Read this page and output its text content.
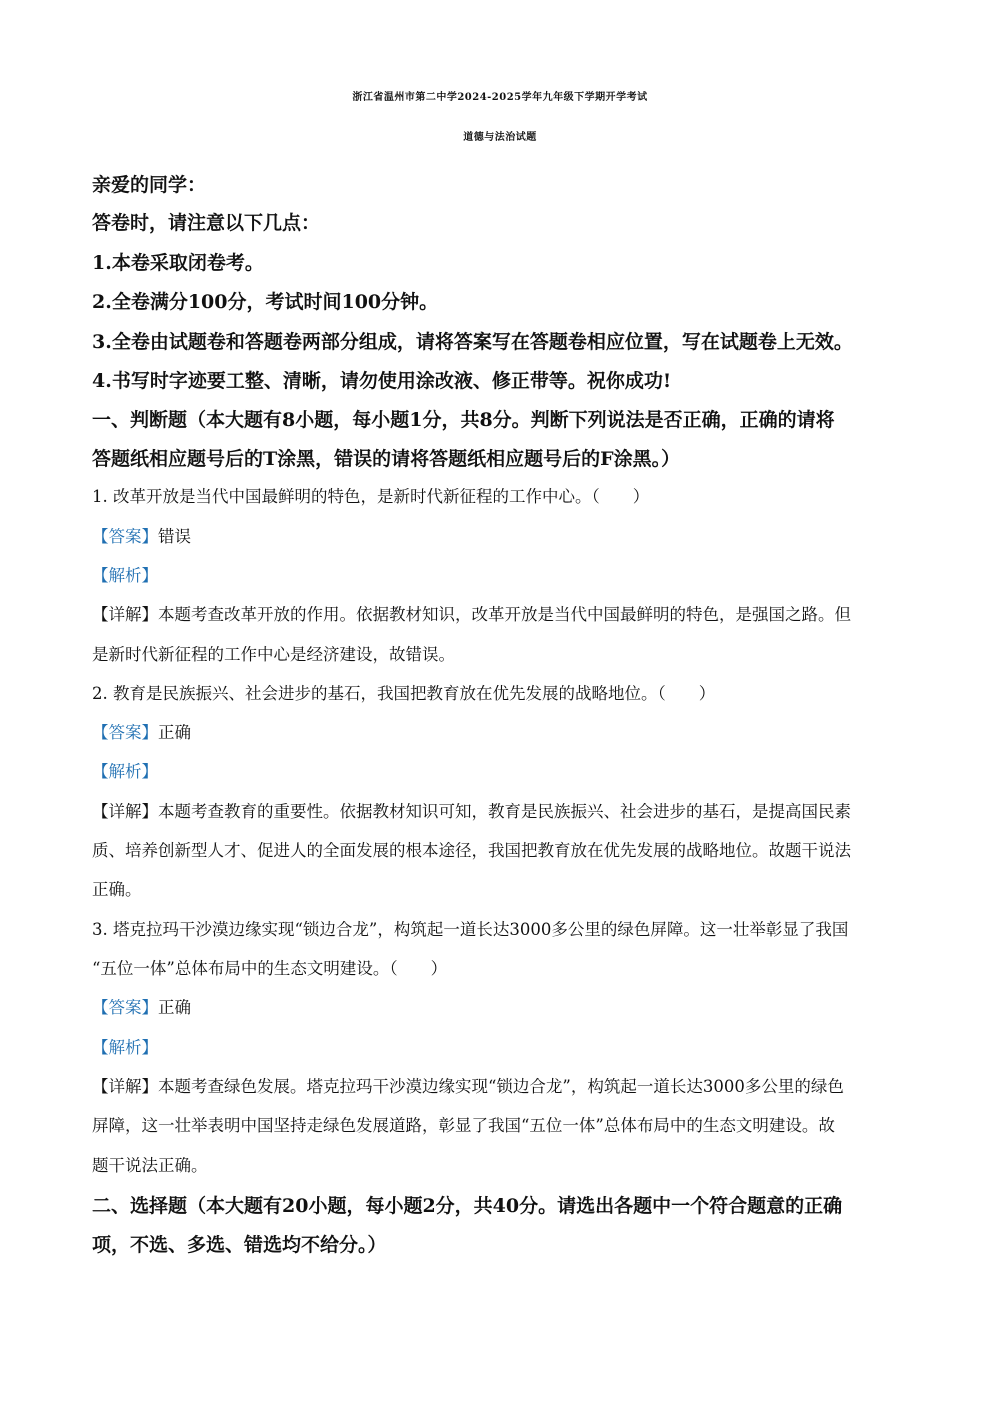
浙江省温州市第二中学2024-2025学年九年级下学期开学考试
道德与法治试题
亲爱的同学：
答卷时，请注意以下几点：
1.本卷采取闭卷考。
2.全卷满分100分，考试时间100分钟。
3.全卷由试题卷和答题卷两部分组成，请将答案写在答题卷相应位置，写在试题卷上无效。
4.书写时字迹要工整、清晰，请勿使用涂改液、修正带等。祝你成功!
一、判断题（本大题有8小题，每小题1分，共8分。判断下列说法是否正确，正确的请将
答题纸相应题号后的T涂黑，错误的请将答题纸相应题号后的F涂黑。）
1. 改革开放是当代中国最鲜明的特色，是新时代新征程的工作中心。（　　）
【答案】错误
【解析】
【详解】本题考查改革开放的作用。依据教材知识，改革开放是当代中国最鲜明的特色，是强国之路。但
是新时代新征程的工作中心是经济建设，故错误。
2. 教育是民族振兴、社会进步的基石，我国把教育放在优先发展的战略地位。（　　）
【答案】正确
【解析】
【详解】本题考查教育的重要性。依据教材知识可知，教育是民族振兴、社会进步的基石，是提高国民素
质、培养创新型人才、促进人的全面发展的根本途径，我国把教育放在优先发展的战略地位。故题干说法
正确。
3. 塔克拉玛干沙漠边缘实现“锁边合龙”，构筑起一道长达3000多公里的绿色屏障。这一壮举彰显了我国
“五位一体”总体布局中的生态文明建设。（　　）
【答案】正确
【解析】
【详解】本题考查绿色发展。塔克拉玛干沙漠边缘实现“锁边合龙”，构筑起一道长达3000多公里的绿色
屏障，这一壮举表明中国坚持走绿色发展道路，彰显了我国“五位一体”总体布局中的生态文明建设。故
题干说法正确。
二、选择题（本大题有20小题，每小题2分，共40分。请选出各题中一个符合题意的正确
项，不选、多选、错选均不给分。）
